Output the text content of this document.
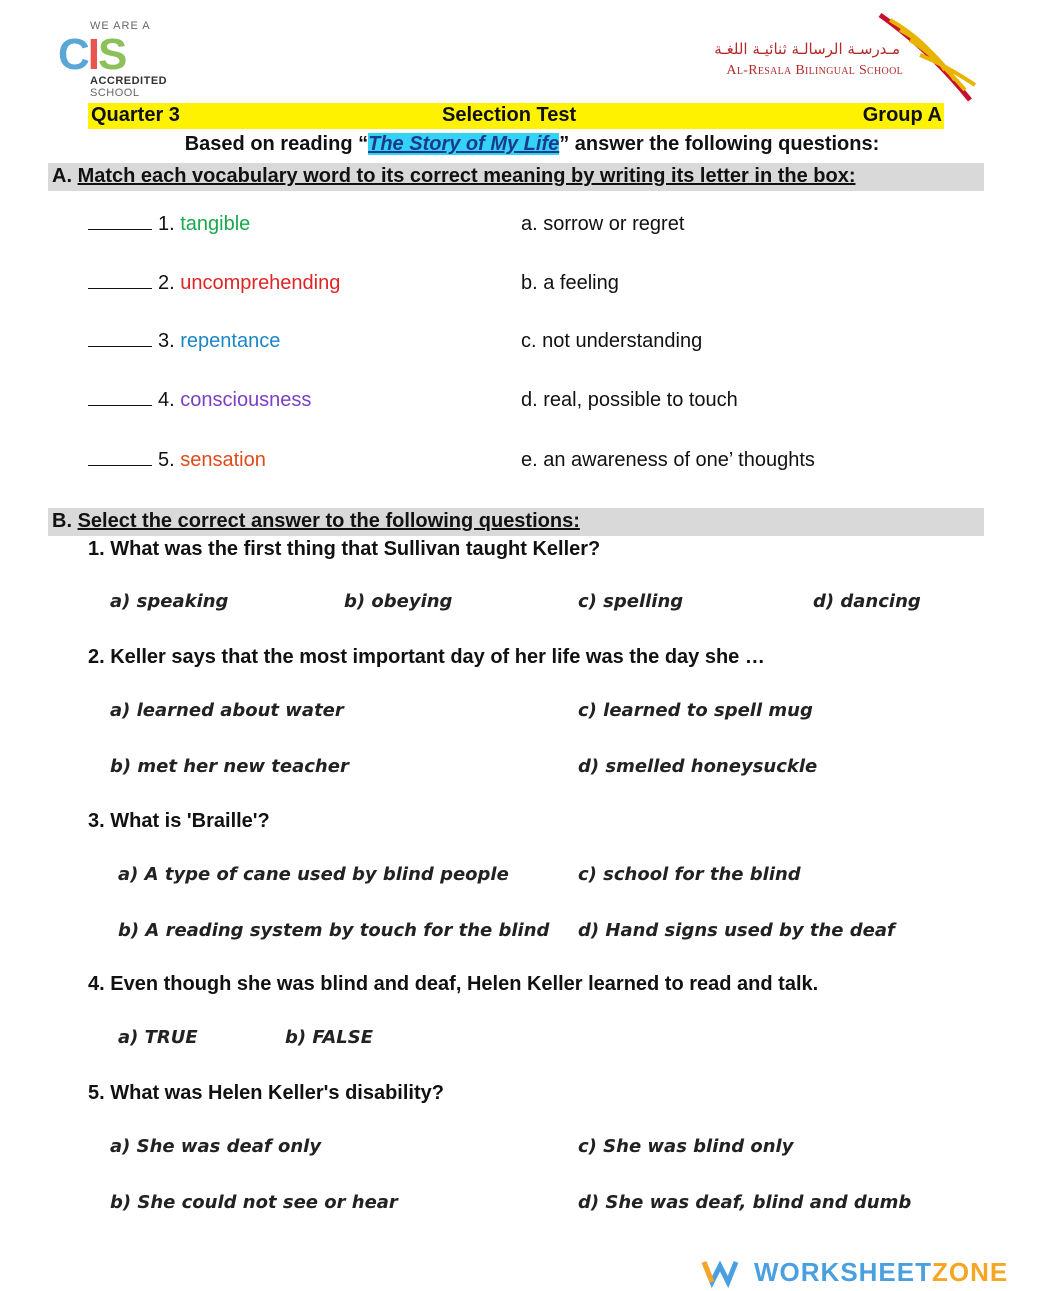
WE ARE A
CIS
ACCREDITED
SCHOOL
مـدرسـة الرسالـة ثنائيـة اللغـة
Al-Resala Bilingual School
Quarter 3	Selection Test	Group A
Based on reading “The Story of My Life” answer the following questions:
A. Match each vocabulary word to its correct meaning by writing its letter in the box:
1. tangible	a. sorrow or regret
2. uncomprehending	b. a feeling
3. repentance	c. not understanding
4. consciousness	d. real, possible to touch
5. sensation	e. an awareness of one’ thoughts
B. Select the correct answer to the following questions:
1. What was the first thing that Sullivan taught Keller?
a) speaking	b) obeying	c) spelling	d) dancing
2. Keller says that the most important day of her life was the day she …
a) learned about water	c) learned to spell mug
b) met her new teacher	d) smelled honeysuckle
3. What is 'Braille'?
a) A type of cane used by blind people	c) school for the blind
b) A reading system by touch for the blind d) Hand signs used by the deaf
4. Even though she was blind and deaf, Helen Keller learned to read and talk.
a) TRUE	b) FALSE
5. What was Helen Keller's disability?
a) She was deaf only	c) She was blind only
b) She could not see or hear	d) She was deaf, blind and dumb
WORKSHEETZONE
